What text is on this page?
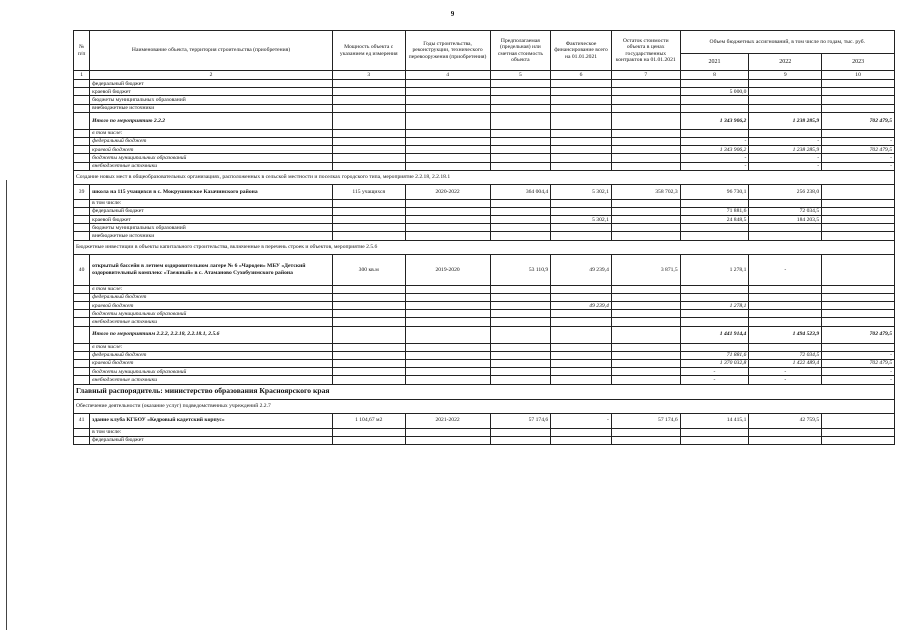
9
№ п/п	Наименование объекта, территория строительства (приобретения)	Мощность объекта с указанием ед измерения	Годы строительства, реконструкции, технического перевооружения (приобретения)	Предполагаемая (предельная) или сметная стоимость объекта	Фактическое финансирование всего на 01.01.2021	Остаток стоимости объекта в ценах государственных контрактов на 01.01.2021	Объем бюджетных ассигнований, в том числе по годам, тыс. руб.		
							2021	2022	2023
1	2	3	4	5	6	7	8	9	10
	федеральный бюджет								
	краевой бюджет						5 000,0		
	бюджеты муниципальных образований								
	внебюджетные источники								
	Итого по мероприятию 2.2.2						1 343 906,2	1 238 285,9	702 479,5
	в том числе:								
	федеральный бюджет						-	-	-
	краевой бюджет						1 343 906,2	1 238 285,9	702 479,5
	бюджеты муниципальных образований						-	-	-
	внебюджетные источники						-	-	-
Создание новых мест в общеобразовательных организациях, расположенных в сельской местности и поселках городского типа, мероприятие 2.2.18, 2.2.18.1									
39	школа на 115 учащихся в с. Мокрушинское Казачинского района	115 учащихся	2020-2022	364 004,4	5 302,1	358 702,3	96 730,1	256 238,0	
	в том числе:								
	федеральный бюджет						71 881,6	72 034,5	
	краевой бюджет				5 302,1		24 848,5	184 203,5	
	бюджеты муниципальных образований								
	внебюджетные источники								
Бюджетные инвестиции в объекты капитального строительства, включенные в перечень строек и объектов, мероприятие 2.5.6									
40	открытый бассейн в летнем оздоровительном лагере № 6 «Чародеи» МБУ «Детский оздоровительный комплекс «Таежный» в с. Атаманово Сухобузимского района	300 кв.м	2019-2020	53 110,9	49 239,4	3 871,5	1 278,1	-	
	в том числе:								
	федеральный бюджет								
	краевой бюджет				49 239,4		1 278,1		
	бюджеты муниципальных образований								
	внебюджетные источники								
	Итого по мероприятиям 2.2.2, 2.2.18, 2.2.18.1, 2.5.6						1 441 914,4	1 494 523,9	702 479,5
	в том числе:								
	федеральный бюджет						71 881,6	72 034,5	-
	краевой бюджет						1 370 032,8	1 422 489,4	702 479,5
	бюджеты муниципальных образований						-	-	-
	внебюджетные источники						-	-	-
Главный распорядитель: министерство образования Красноярского края									
Обеспечение деятельности (оказание услуг) подведомственных учреждений 2.2.7									
41	здание клуба КГБОУ «Кедровый кадетский корпус»	1 104,67 м2	2021-2022	57 174,6	-	57 174,6	14 415,1	42 759,5	
	в том числе:								
	федеральный бюджет								
